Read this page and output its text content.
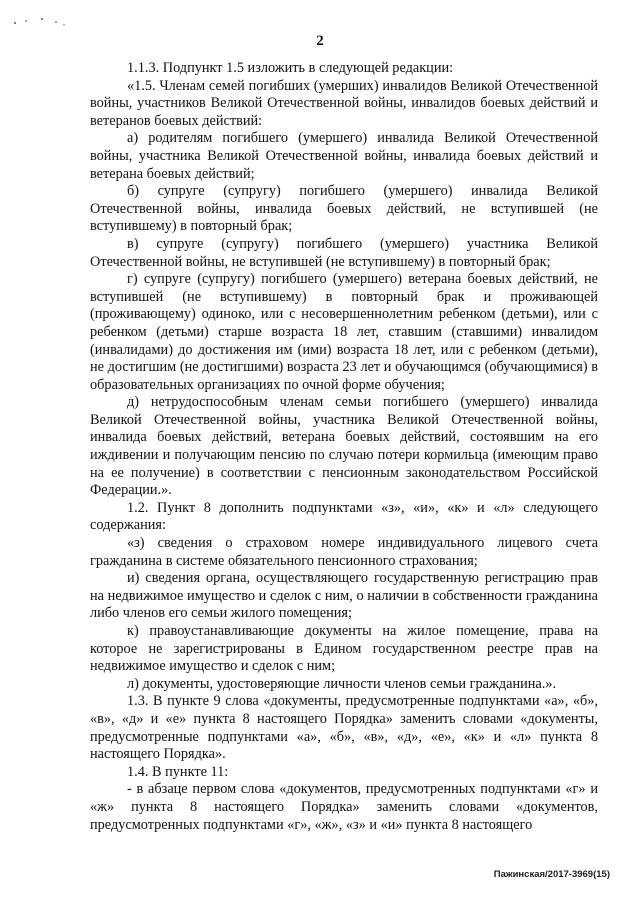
2

1.1.3. Подпункт 1.5 изложить в следующей редакции:

«1.5. Членам семей погибших (умерших) инвалидов Великой Отечественной войны, участников Великой Отечественной войны, инвалидов боевых действий и ветеранов боевых действий:

а) родителям погибшего (умершего) инвалида Великой Отечественной войны, участника Великой Отечественной войны, инвалида боевых действий и ветерана боевых действий;

б) супруге (супругу) погибшего (умершего) инвалида Великой Отечественной войны, инвалида боевых действий, не вступившей (не вступившему) в повторный брак;

в) супруге (супругу) погибшего (умершего) участника Великой Отечественной войны, не вступившей (не вступившему) в повторный брак;

г) супруге (супругу) погибшего (умершего) ветерана боевых действий, не вступившей (не вступившему) в повторный брак и проживающей (проживающему) одиноко, или с несовершеннолетним ребенком (детьми), или с ребенком (детьми) старше возраста 18 лет, ставшим (ставшими) инвалидом (инвалидами) до достижения им (ими) возраста 18 лет, или с ребенком (детьми), не достигшим (не достигшими) возраста 23 лет и обучающимся (обучающимися) в образовательных организациях по очной форме обучения;

д) нетрудоспособным членам семьи погибшего (умершего) инвалида Великой Отечественной войны, участника Великой Отечественной войны, инвалида боевых действий, ветерана боевых действий, состоявшим на его иждивении и получающим пенсию по случаю потери кормильца (имеющим право на ее получение) в соответствии с пенсионным законодательством Российской Федерации.».

1.2. Пункт 8 дополнить подпунктами «з», «и», «к» и «л» следующего содержания:

«з) сведения о страховом номере индивидуального лицевого счета гражданина в системе обязательного пенсионного страхования;

и) сведения органа, осуществляющего государственную регистрацию прав на недвижимое имущество и сделок с ним, о наличии в собственности гражданина либо членов его семьи жилого помещения;

к) правоустанавливающие документы на жилое помещение, права на которое не зарегистрированы в Едином государственном реестре прав на недвижимое имущество и сделок с ним;

л) документы, удостоверяющие личности членов семьи гражданина.».

1.3. В пункте 9 слова «документы, предусмотренные подпунктами «а», «б», «в», «д» и «е» пункта 8 настоящего Порядка» заменить словами «документы, предусмотренные подпунктами «а», «б», «в», «д», «е», «к» и «л» пункта 8 настоящего Порядка».

1.4. В пункте 11:

- в абзаце первом слова «документов, предусмотренных подпунктами «г» и «ж» пункта 8 настоящего Порядка» заменить словами «документов, предусмотренных подпунктами «г», «ж», «з» и «и» пункта 8 настоящего

Пажинская/2017-3969(15)
